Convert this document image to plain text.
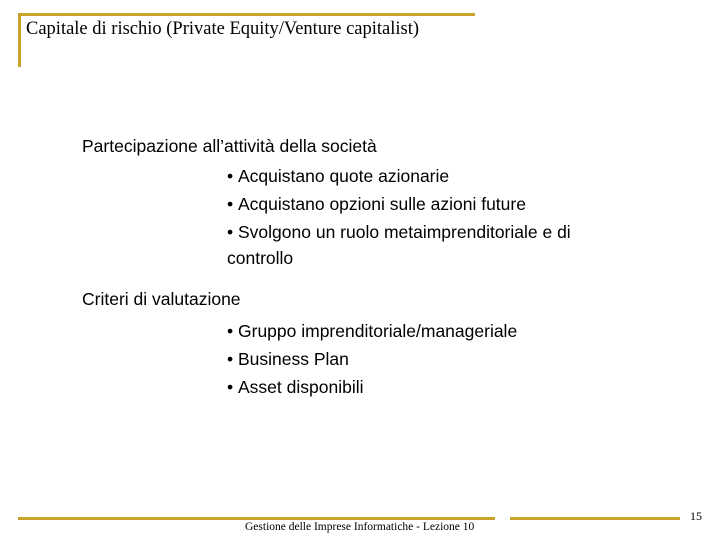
Capitale di rischio (Private Equity/Venture capitalist)
Partecipazione all’attività della società
• Acquistano quote azionarie
• Acquistano opzioni sulle azioni future
• Svolgono un ruolo metaimprenditoriale e di controllo
Criteri di valutazione
• Gruppo imprenditoriale/manageriale
• Business Plan
• Asset disponibili
Gestione delle Imprese Informatiche - Lezione 10
15
